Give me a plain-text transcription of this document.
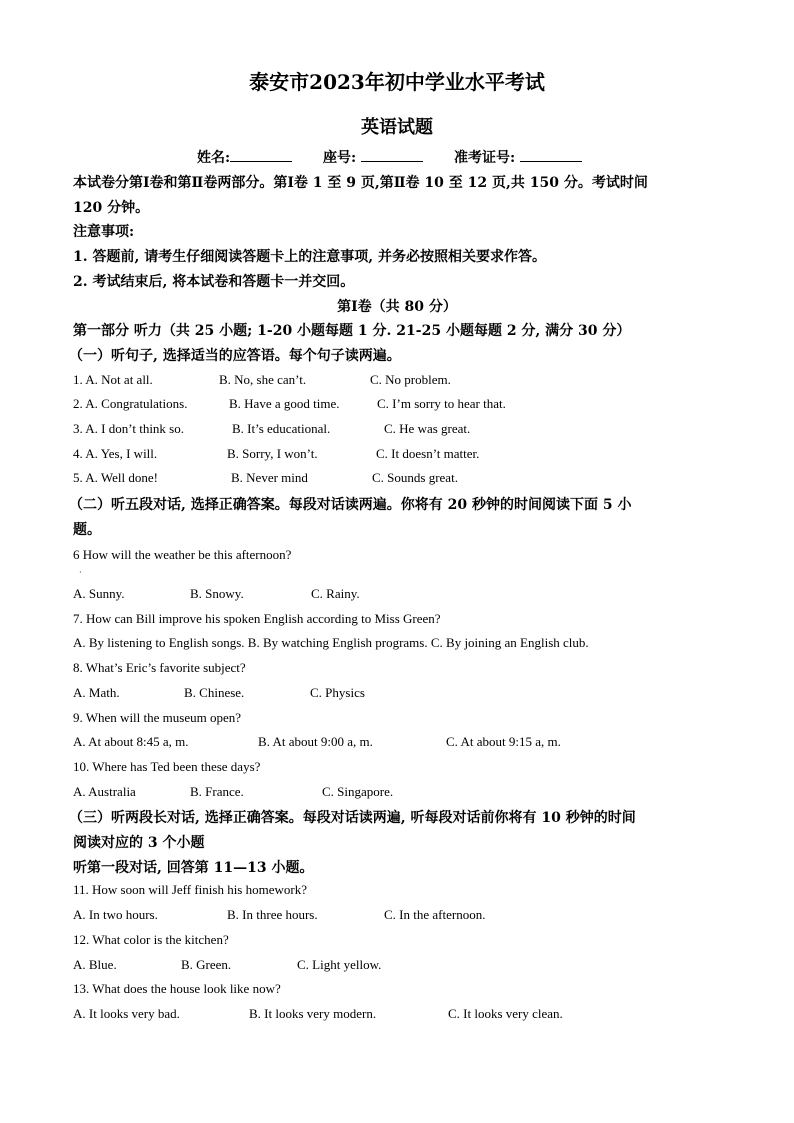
泰安市2023年初中学业水平考试
英语试题
姓名:	座号:	准考证号:
本试卷分第Ⅰ卷和第Ⅱ卷两部分。第Ⅰ卷 1 至 9 页,第Ⅱ卷 10 至 12 页,共 150 分。考试时间
120 分钟。
注意事项:
1. 答题前, 请考生仔细阅读答题卡上的注意事项, 并务必按照相关要求作答。
2. 考试结束后, 将本试卷和答题卡一并交回。
第Ⅰ卷（共 80 分）
第一部分 听力（共 25 小题; 1-20 小题每题 1 分. 21-25 小题每题 2 分, 满分 30 分）
（一）听句子, 选择适当的应答语。每个句子读两遍。
1. A. Not at all.	B. No, she can’t.	C. No problem.
2. A. Congratulations.	B. Have a good time.	C. I’m sorry to hear that.
3. A. I don’t think so.	B. It’s educational.	C. He was great.
4. A. Yes, I will.	B. Sorry, I won’t.	C. It doesn’t matter.
5. A. Well done!	B. Never mind	C. Sounds great.
（二）听五段对话, 选择正确答案。每段对话读两遍。你将有 20 秒钟的时间阅读下面 5 小
题。
6 How will the weather be this afternoon?
·
A. Sunny.	B. Snowy.	C. Rainy.
7. How can Bill improve his spoken English according to Miss Green?
A. By listening to English songs. B. By watching English programs. C. By joining an English club.
8. What’s Eric’s favorite subject?
A. Math.	B. Chinese.	C. Physics
9. When will the museum open?
A. At about 8:45 a, m.	B. At about 9:00 a, m.	C. At about 9:15 a, m.
10. Where has Ted been these days?
A. Australia	B. France.	C. Singapore.
（三）听两段长对话, 选择正确答案。每段对话读两遍, 听每段对话前你将有 10 秒钟的时间
阅读对应的 3 个小题
听第一段对话, 回答第 11—13 小题。
11. How soon will Jeff finish his homework?
A. In two hours.	B. In three hours.	C. In the afternoon.
12. What color is the kitchen?
A. Blue.	B. Green.	C. Light yellow.
13. What does the house look like now?
A. It looks very bad.	B. It looks very modern.	C. It looks very clean.
